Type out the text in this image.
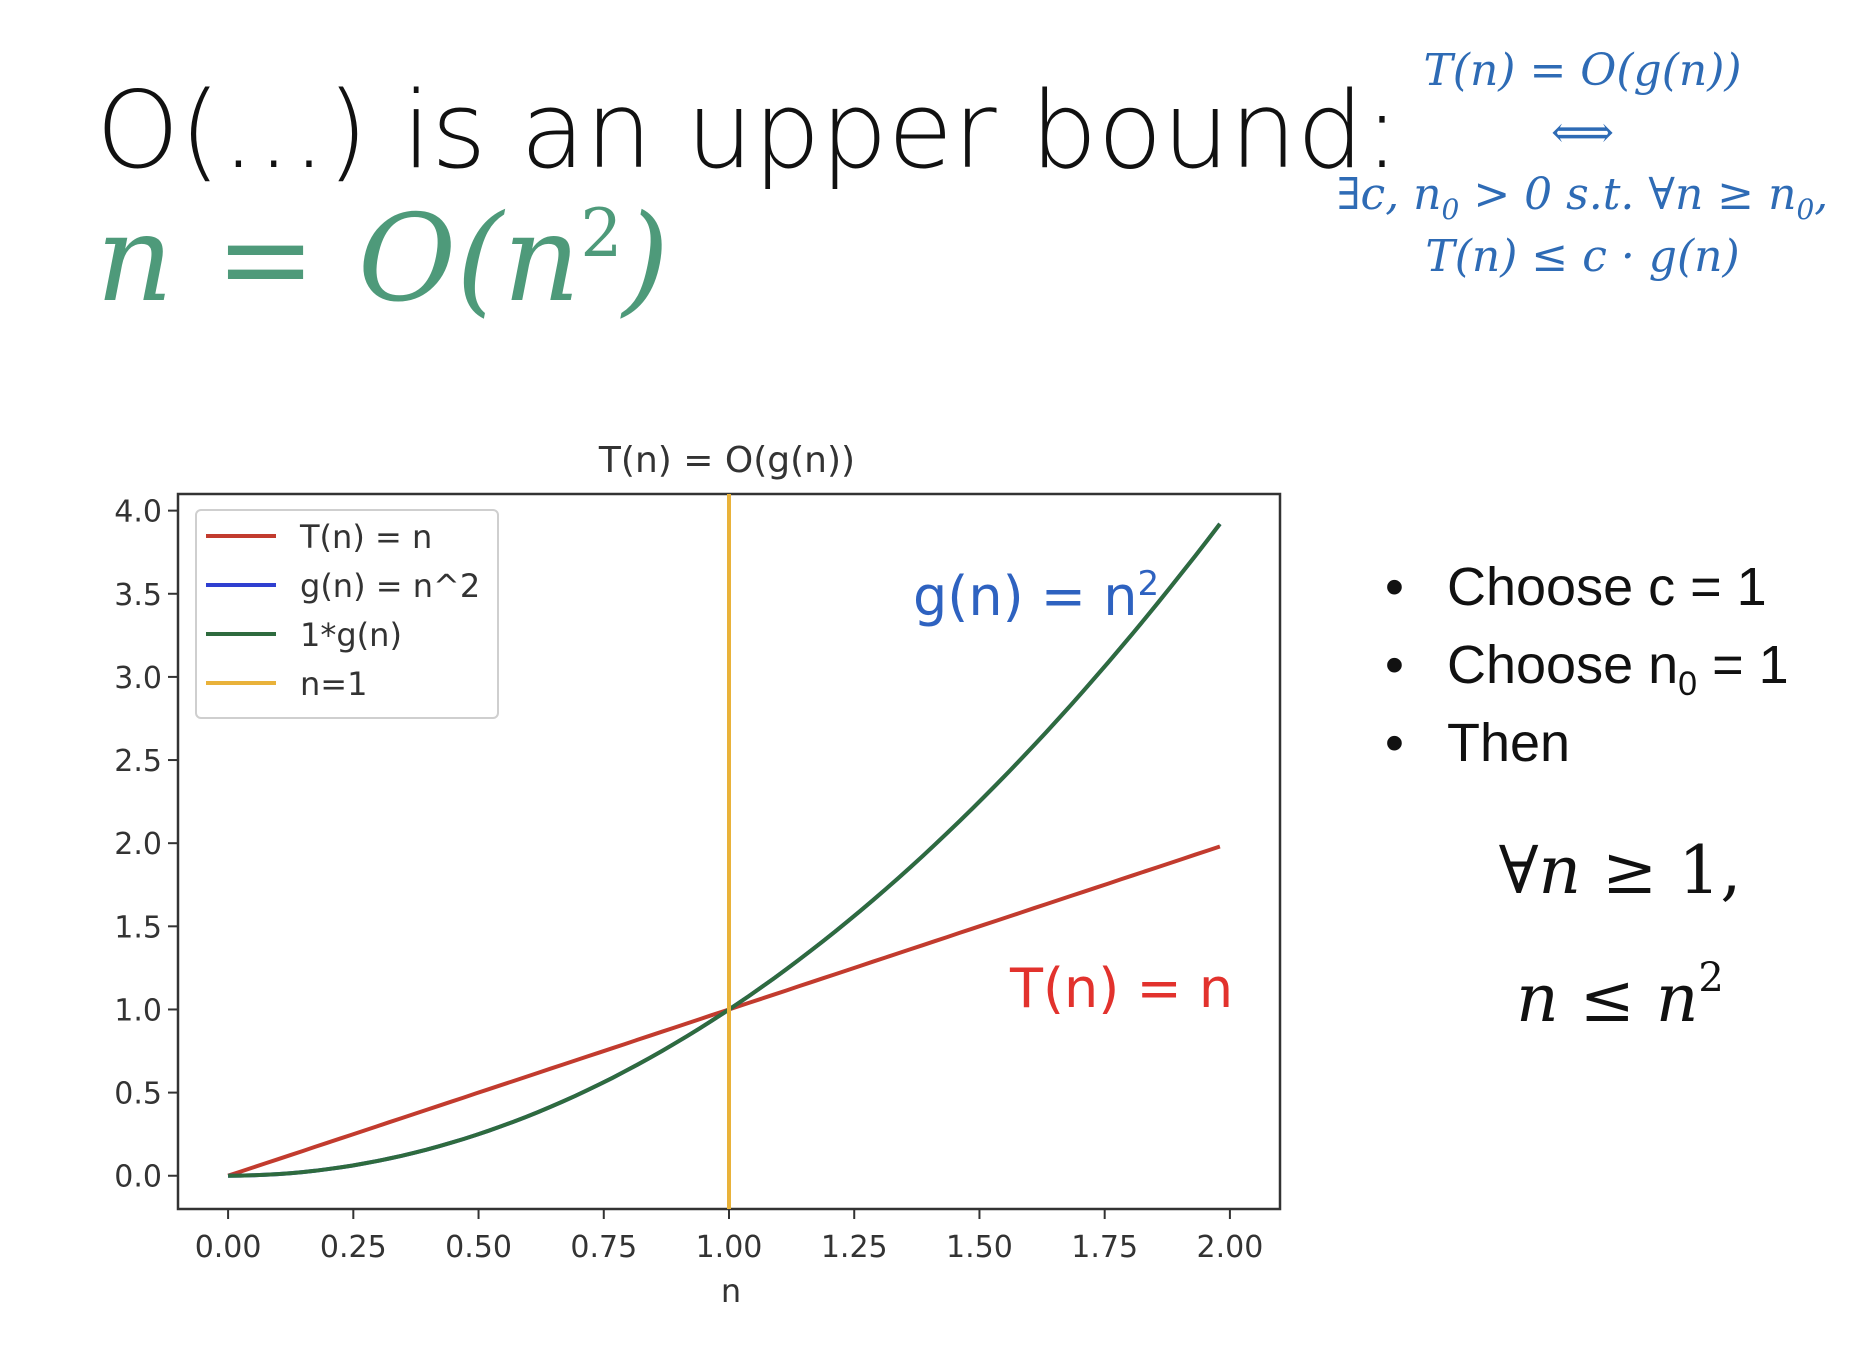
O(…) is an upper bound:
$n = O(n^2)$
T(n) = O(g(n))
⟺
∃c, $n_0 > 0$ s.t. ∀n ≥ $n_0$,
T(n) ≤ c · g(n)
T(n) = O(g(n))
0.0
0.5
1.0
1.5
2.0
2.5
3.0
3.5
4.0
0.00 0.25 0.50 0.75 1.00 1.25 1.50 1.75 2.00
n
T(n) = n
g(n) = n^2
1*g(n)
n=1
$g(n) = n^2$
T(n) = n
• Choose c = 1
• Choose $n_0 = 1$
• Then
∀n ≥ 1,
$n \le n^2$
